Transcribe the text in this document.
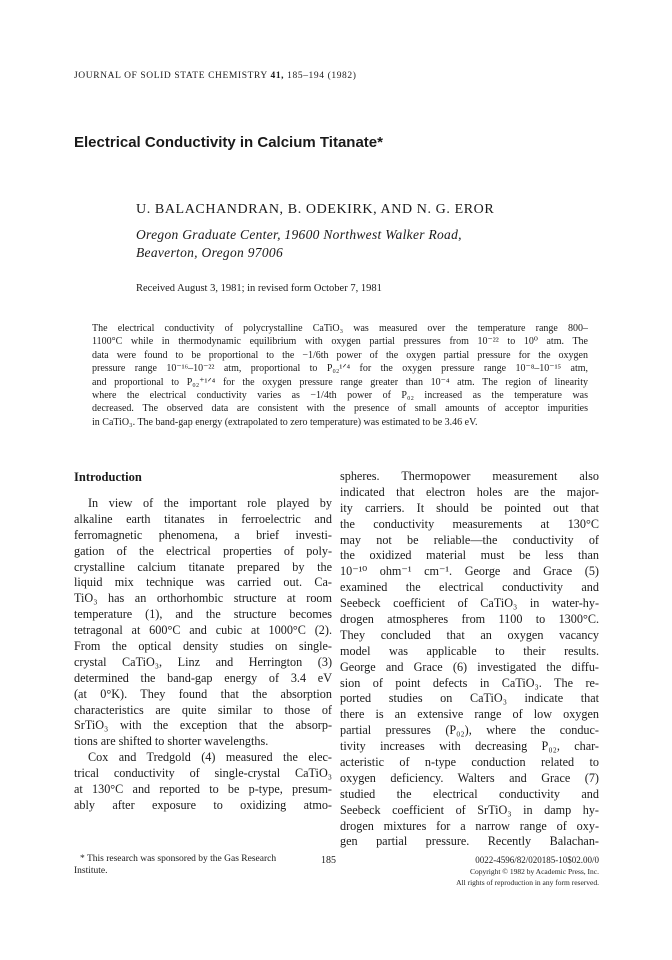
JOURNAL OF SOLID STATE CHEMISTRY 41, 185–194 (1982)
Electrical Conductivity in Calcium Titanate*
U. BALACHANDRAN, B. ODEKIRK, AND N. G. EROR
Oregon Graduate Center, 19600 Northwest Walker Road,
Beaverton, Oregon 97006
Received August 3, 1981; in revised form October 7, 1981
The electrical conductivity of polycrystalline CaTiO₃ was measured over the temperature range 800–
1100°C while in thermodynamic equilibrium with oxygen partial pressures from 10⁻²² to 10⁰ atm. The
data were found to be proportional to the −1/6th power of the oxygen partial pressure for the oxygen
pressure range 10⁻¹⁶–10⁻²² atm, proportional to P₀₂¹ᐟ⁴ for the oxygen pressure range 10⁻⁸–10⁻¹⁵ atm,
and proportional to P₀₂⁺¹ᐟ⁴ for the oxygen pressure range greater than 10⁻⁴ atm. The region of linearity
where the electrical conductivity varies as −1/4th power of P₀₂ increased as the temperature was
decreased. The observed data are consistent with the presence of small amounts of acceptor impurities
in CaTiO₃. The band-gap energy (extrapolated to zero temperature) was estimated to be 3.46 eV.
Introduction
In view of the important role played by
alkaline earth titanates in ferroelectric and
ferromagnetic phenomena, a brief investi-
gation of the electrical properties of poly-
crystalline calcium titanate prepared by the
liquid mix technique was carried out. Ca-
TiO₃ has an orthorhombic structure at room
temperature (1), and the structure becomes
tetragonal at 600°C and cubic at 1000°C (2).
From the optical density studies on single-
crystal CaTiO₃, Linz and Herrington (3)
determined the band-gap energy of 3.4 eV
(at 0°K). They found that the absorption
characteristics are quite similar to those of
SrTiO₃ with the exception that the absorp-
tions are shifted to shorter wavelengths.
Cox and Tredgold (4) measured the elec-
trical conductivity of single-crystal CaTiO₃
at 130°C and reported to be p-type, presum-
ably after exposure to oxidizing atmo-
spheres. Thermopower measurement also
indicated that electron holes are the major-
ity carriers. It should be pointed out that
the conductivity measurements at 130°C
may not be reliable—the conductivity of
the oxidized material must be less than
10⁻¹⁰ ohm⁻¹ cm⁻¹. George and Grace (5)
examined the electrical conductivity and
Seebeck coefficient of CaTiO₃ in water-hy-
drogen atmospheres from 1100 to 1300°C.
They concluded that an oxygen vacancy
model was applicable to their results.
George and Grace (6) investigated the diffu-
sion of point defects in CaTiO₃. The re-
ported studies on CaTiO₃ indicate that
there is an extensive range of low oxygen
partial pressures (P₀₂), where the conduc-
tivity increases with decreasing P₀₂, char-
acteristic of n-type conduction related to
oxygen deficiency. Walters and Grace (7)
studied the electrical conductivity and
Seebeck coefficient of SrTiO₃ in damp hy-
drogen mixtures for a narrow range of oxy-
gen partial pressure. Recently Balachan-
* This research was sponsored by the Gas Research
Institute.
185	0022-4596/82/020185-10$02.00/0
Copyright © 1982 by Academic Press, Inc.
All rights of reproduction in any form reserved.
